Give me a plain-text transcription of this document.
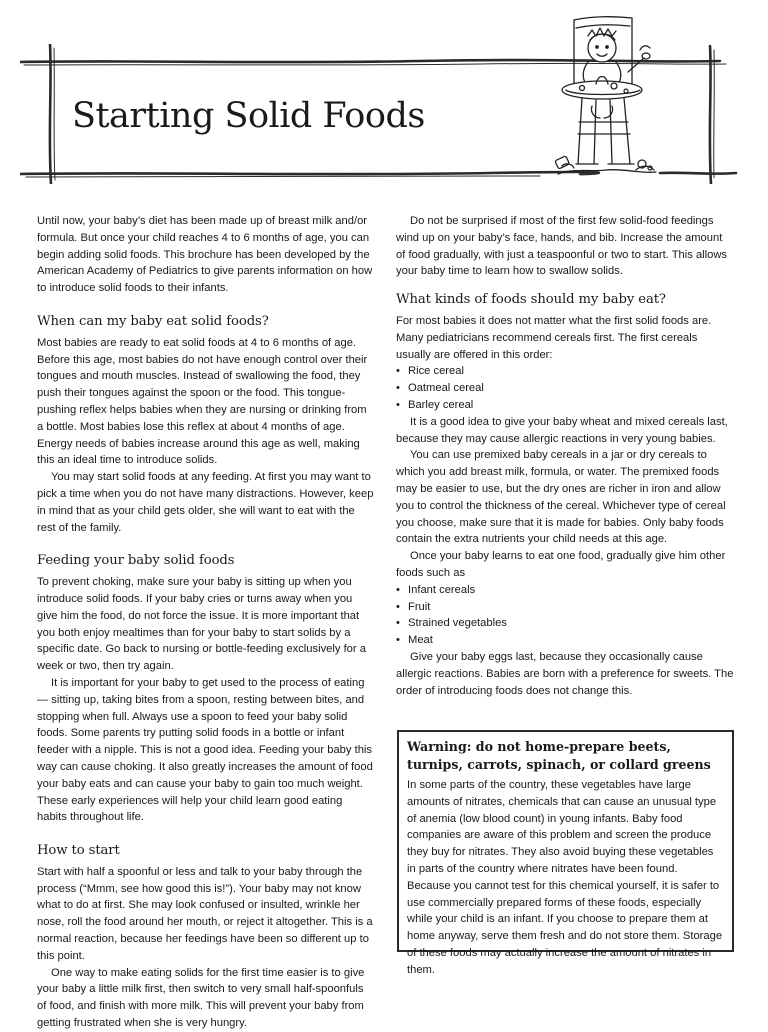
Starting Solid Foods

Until now, your baby’s diet has been made up of breast milk and/or formula. But once your child reaches 4 to 6 months of age, you can begin adding solid foods. This brochure has been developed by the American Academy of Pediatrics to give parents information on how to introduce solid foods to their infants.

When can my baby eat solid foods?

Most babies are ready to eat solid foods at 4 to 6 months of age. Before this age, most babies do not have enough control over their tongues and mouth muscles. Instead of swallowing the food, they push their tongues against the spoon or the food. This tongue-pushing reflex helps babies when they are nursing or drinking from a bottle. Most babies lose this reflex at about 4 months of age. Energy needs of babies increase around this age as well, making this an ideal time to introduce solids.

You may start solid foods at any feeding. At first you may want to pick a time when you do not have many distractions. However, keep in mind that as your child gets older, she will want to eat with the rest of the family.

Feeding your baby solid foods

To prevent choking, make sure your baby is sitting up when you introduce solid foods. If your baby cries or turns away when you give him the food, do not force the issue. It is more important that you both enjoy mealtimes than for your baby to start solids by a specific date. Go back to nursing or bottle-feeding exclusively for a week or two, then try again.

It is important for your baby to get used to the process of eating — sitting up, taking bites from a spoon, resting between bites, and stopping when full. Always use a spoon to feed your baby solid foods. Some parents try putting solid foods in a bottle or infant feeder with a nipple. This is not a good idea. Feeding your baby this way can cause choking. It also greatly increases the amount of food your baby eats and can cause your baby to gain too much weight. These early experiences will help your child learn good eating habits throughout life.

How to start

Start with half a spoonful or less and talk to your baby through the process (“Mmm, see how good this is!”). Your baby may not know what to do at first. She may look confused or insulted, wrinkle her nose, roll the food around her mouth, or reject it altogether. This is a normal reaction, because her feedings have been so different up to this point.

One way to make eating solids for the first time easier is to give your baby a little milk first, then switch to very small half-spoonfuls of food, and finish with more milk. This will prevent your baby from getting frustrated when she is very hungry.

Do not be surprised if most of the first few solid-food feedings wind up on your baby’s face, hands, and bib. Increase the amount of food gradually, with just a teaspoonful or two to start. This allows your baby time to learn how to swallow solids.

What kinds of foods should my baby eat?

For most babies it does not matter what the first solid foods are. Many pediatricians recommend cereals first. The first cereals usually are offered in this order:

• Rice cereal
• Oatmeal cereal
• Barley cereal

It is a good idea to give your baby wheat and mixed cereals last, because they may cause allergic reactions in very young babies.

You can use premixed baby cereals in a jar or dry cereals to which you add breast milk, formula, or water. The premixed foods may be easier to use, but the dry ones are richer in iron and allow you to control the thickness of the cereal. Whichever type of cereal you choose, make sure that it is made for babies. Only baby foods contain the extra nutrients your child needs at this age.

Once your baby learns to eat one food, gradually give him other foods such as

• Infant cereals
• Fruit
• Strained vegetables
• Meat

Give your baby eggs last, because they occasionally cause allergic reactions. Babies are born with a preference for sweets. The order of introducing foods does not change this.

Warning: do not home-prepare beets, turnips, carrots, spinach, or collard greens

In some parts of the country, these vegetables have large amounts of nitrates, chemicals that can cause an unusual type of anemia (low blood count) in young infants. Baby food companies are aware of this problem and screen the produce they buy for nitrates. They also avoid buying these vegetables in parts of the country where nitrates have been found. Because you cannot test for this chemical yourself, it is safer to use commercially prepared forms of these foods, especially while your child is an infant. If you choose to prepare them at home anyway, serve them fresh and do not store them. Storage of these foods may actually increase the amount of nitrates in them.
